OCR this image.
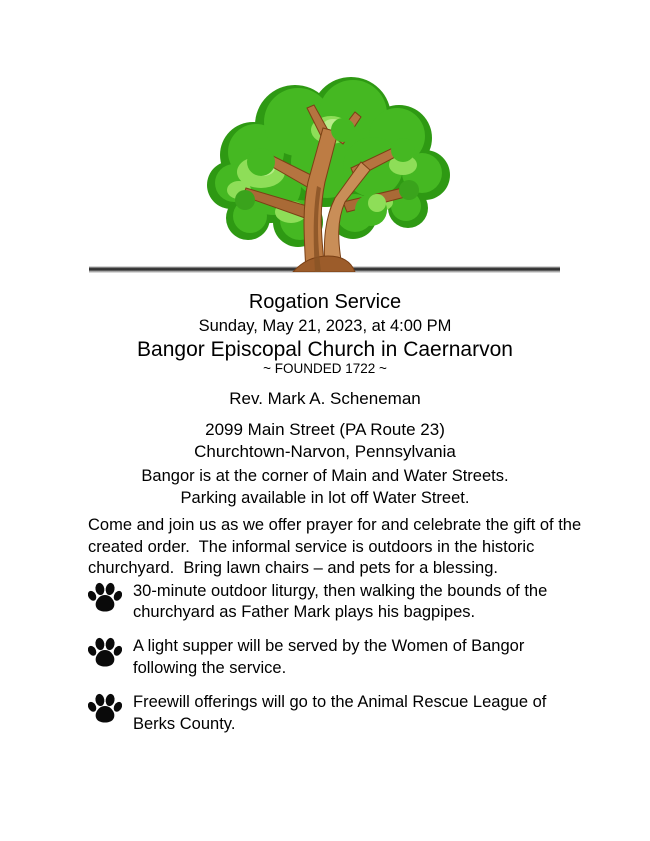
Rogation Service
Sunday, May 21, 2023, at 4:00 PM
Bangor Episcopal Church in Caernarvon
~ FOUNDED 1722 ~
Rev. Mark A. Scheneman
2099 Main Street (PA Route 23)
Churchtown-Narvon, Pennsylvania
Bangor is at the corner of Main and Water Streets.
Parking available in lot off Water Street.
Come and join us as we offer prayer for and celebrate the gift of the
created order.  The informal service is outdoors in the historic
churchyard.  Bring lawn chairs – and pets for a blessing.
30-minute outdoor liturgy, then walking the bounds of the
churchyard as Father Mark plays his bagpipes.
A light supper will be served by the Women of Bangor
following the service.
Freewill offerings will go to the Animal Rescue League of
Berks County.
